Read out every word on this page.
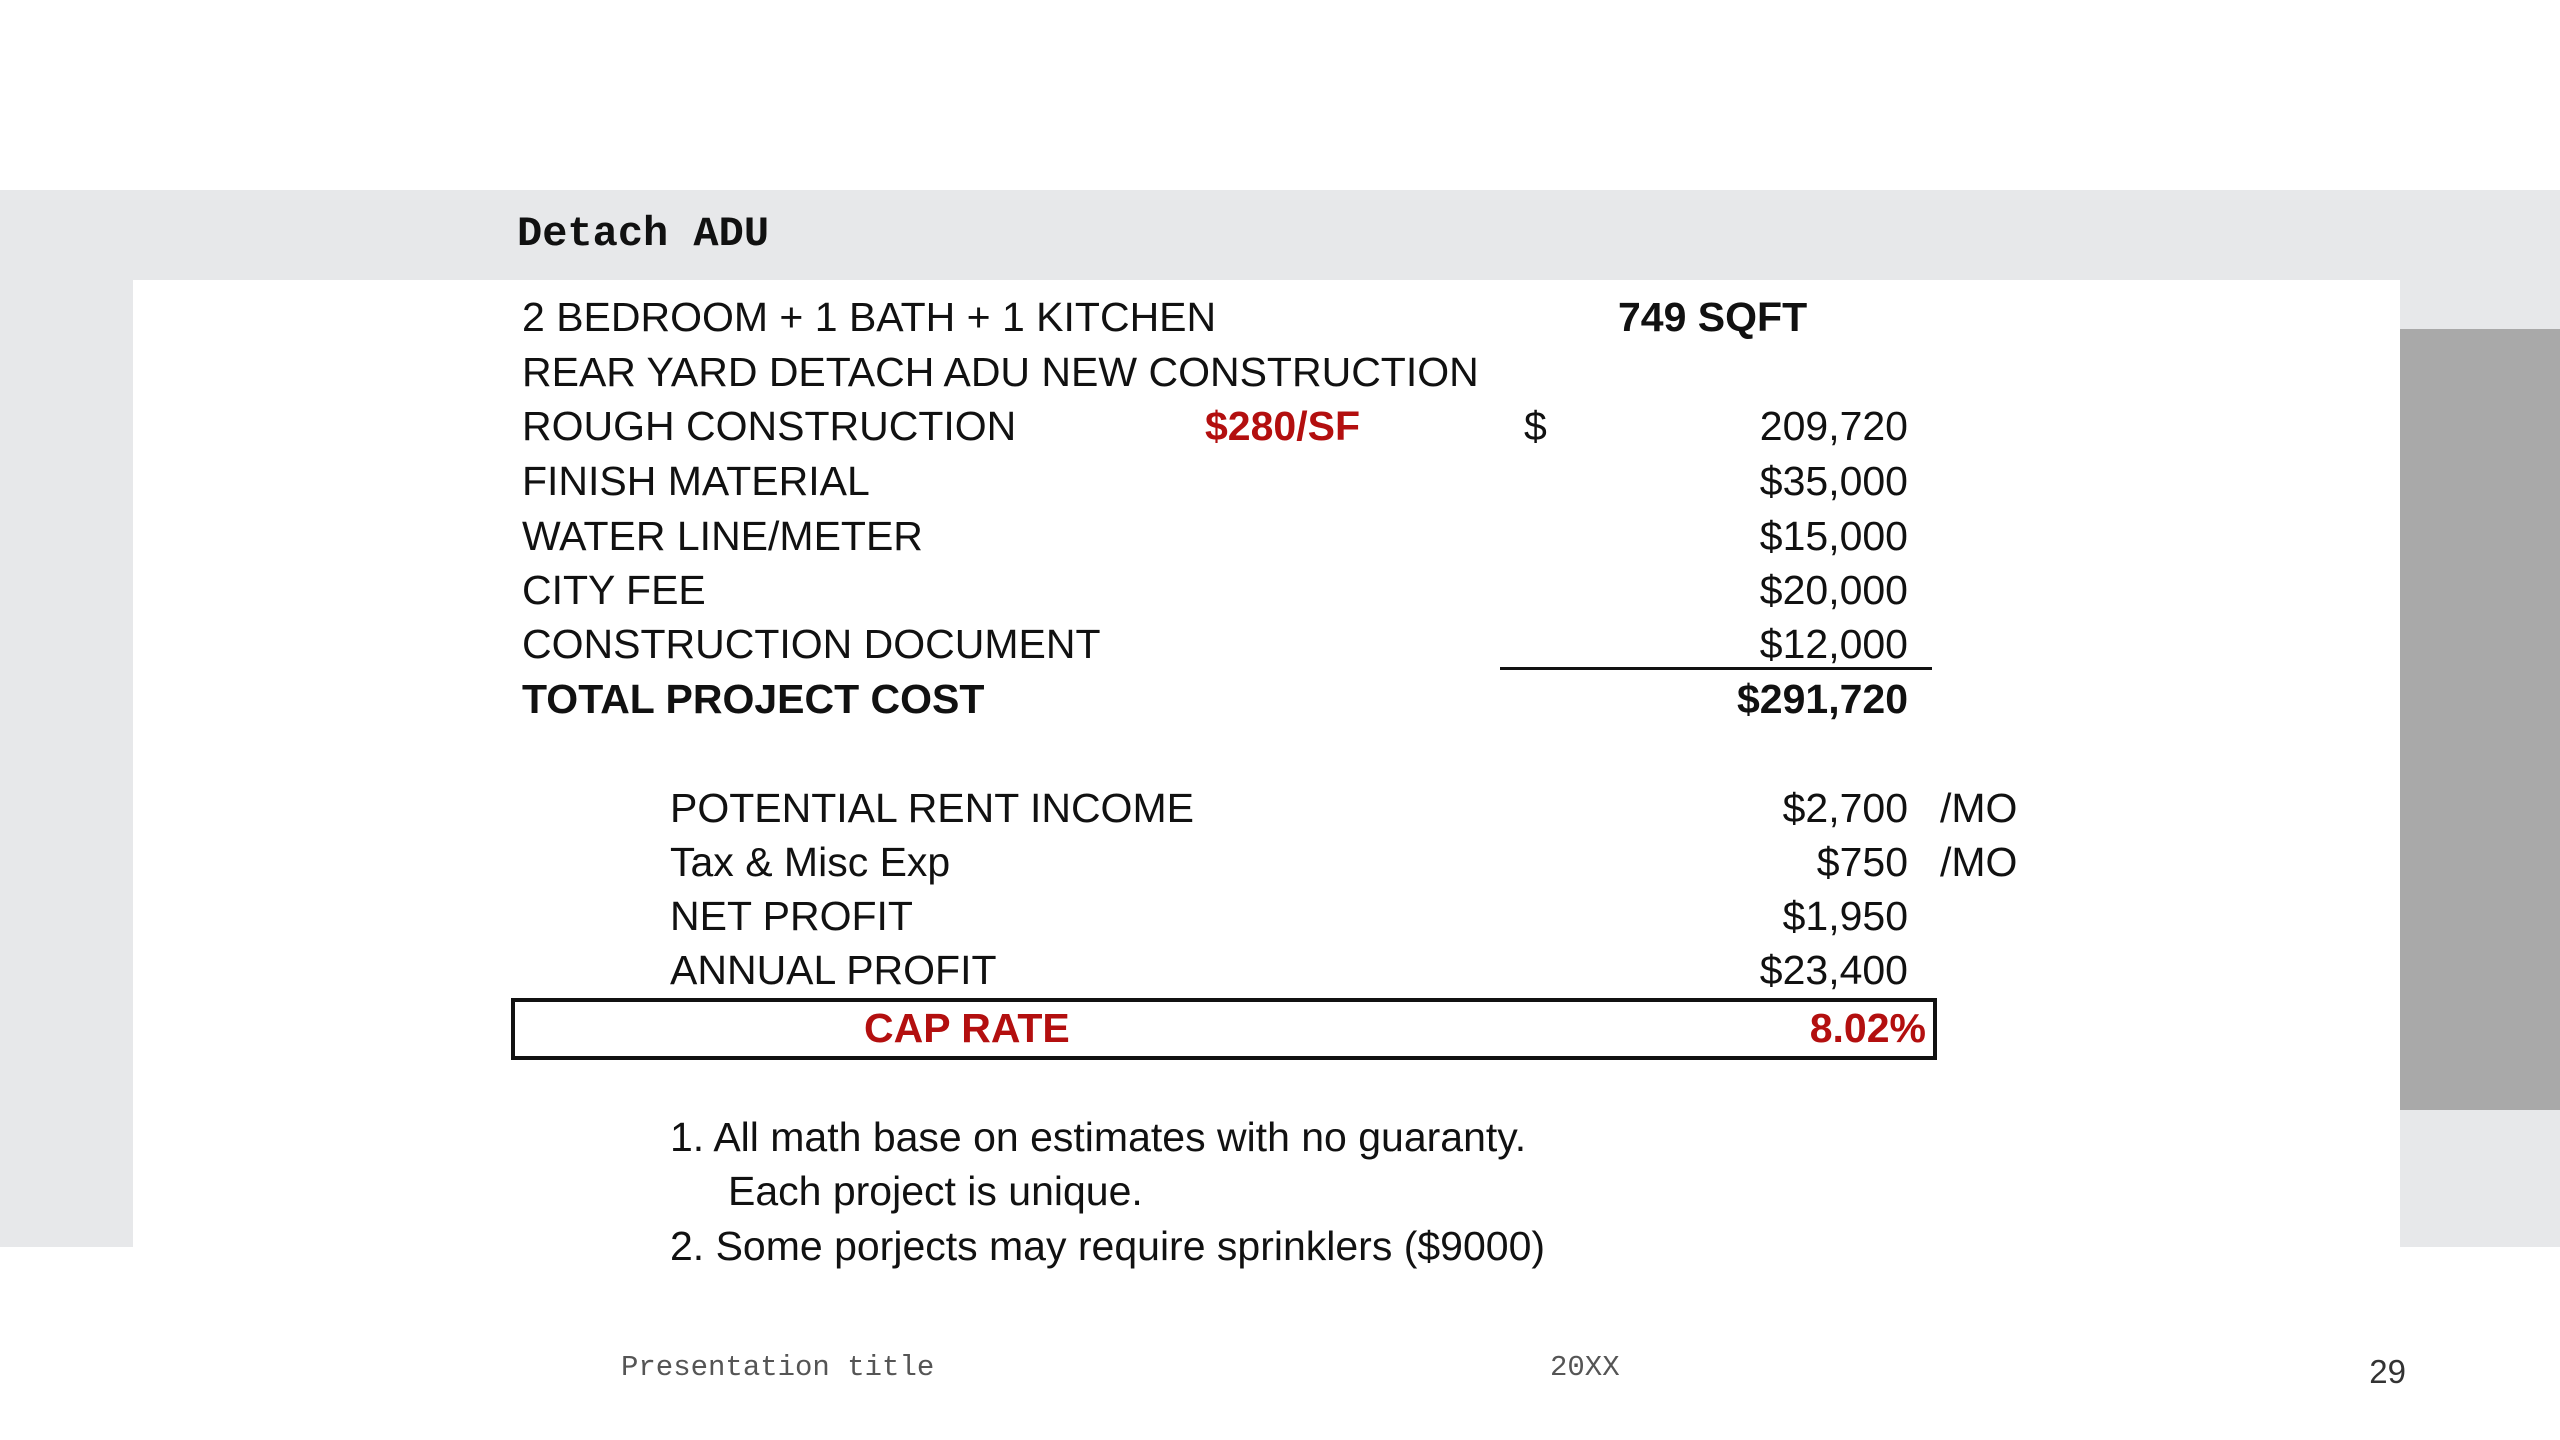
Detach ADU
2 BEDROOM + 1 BATH + 1 KITCHEN	749 SQFT
REAR YARD DETACH ADU NEW CONSTRUCTION
ROUGH CONSTRUCTION	$280/SF	$	209,720
FINISH MATERIAL	$35,000
WATER LINE/METER	$15,000
CITY FEE	$20,000
CONSTRUCTION DOCUMENT	$12,000
TOTAL PROJECT COST	$291,720
POTENTIAL RENT INCOME	$2,700 /MO
Tax & Misc Exp	$750 /MO
NET PROFIT	$1,950
ANNUAL PROFIT	$23,400
CAP RATE	8.02%
1. All math base on estimates with no guaranty.
Each project is unique.
2. Some porjects may require sprinklers ($9000)
Presentation title	20XX	29
